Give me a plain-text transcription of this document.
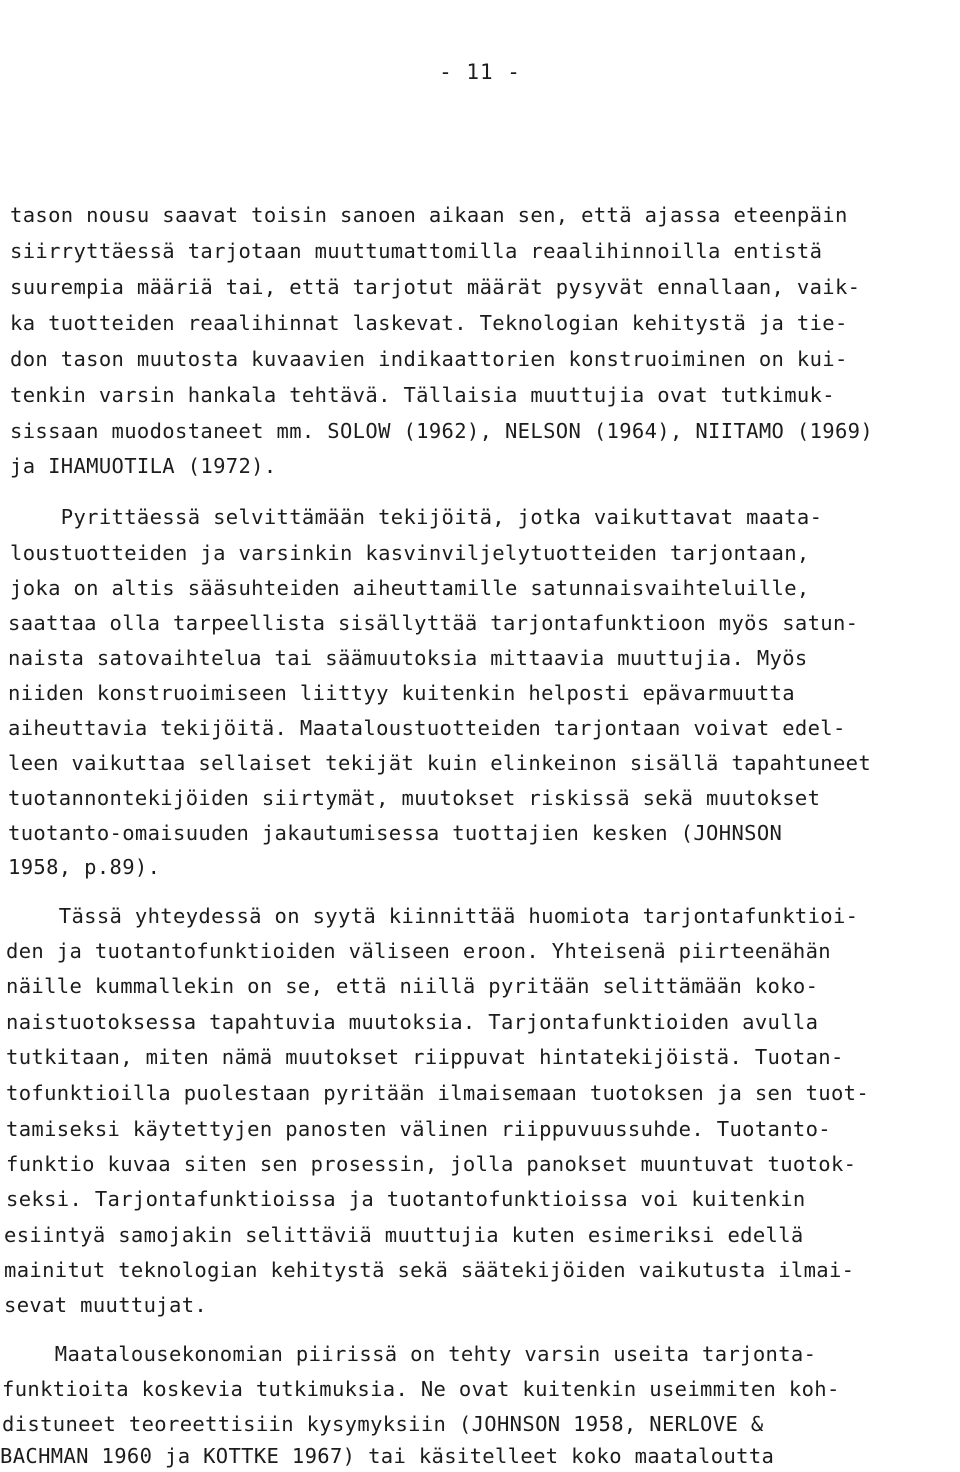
- 11 -
tason nousu saavat toisin sanoen aikaan sen, että ajassa eteenpäin
siirryttäessä tarjotaan muuttumattomilla reaalihinnoilla entistä
suurempia määriä tai, että tarjotut määrät pysyvät ennallaan, vaik-
ka tuotteiden reaalihinnat laskevat. Teknologian kehitystä ja tie-
don tason muutosta kuvaavien indikaattorien konstruoiminen on kui-
tenkin varsin hankala tehtävä. Tällaisia muuttujia ovat tutkimuk-
sissaan muodostaneet mm. SOLOW (1962), NELSON (1964), NIITAMO (1969)
ja IHAMUOTILA (1972).
Pyrittäessä selvittämään tekijöitä, jotka vaikuttavat maata-
loustuotteiden ja varsinkin kasvinviljelytuotteiden tarjontaan,
joka on altis sääsuhteiden aiheuttamille satunnaisvaihteluille,
saattaa olla tarpeellista sisällyttää tarjontafunktioon myös satun-
naista satovaihtelua tai säämuutoksia mittaavia muuttujia. Myös
niiden konstruoimiseen liittyy kuitenkin helposti epävarmuutta
aiheuttavia tekijöitä. Maataloustuotteiden tarjontaan voivat edel-
leen vaikuttaa sellaiset tekijät kuin elinkeinon sisällä tapahtuneet
tuotannontekijöiden siirtymät, muutokset riskissä sekä muutokset
tuotanto-omaisuuden jakautumisessa tuottajien kesken (JOHNSON
1958, p.89).
Tässä yhteydessä on syytä kiinnittää huomiota tarjontafunktioi-
den ja tuotantofunktioiden väliseen eroon. Yhteisenä piirteenähän
näille kummallekin on se, että niillä pyritään selittämään koko-
naistuotoksessa tapahtuvia muutoksia. Tarjontafunktioiden avulla
tutkitaan, miten nämä muutokset riippuvat hintatekijöistä. Tuotan-
tofunktioilla puolestaan pyritään ilmaisemaan tuotoksen ja sen tuot-
tamiseksi käytettyjen panosten välinen riippuvuussuhde. Tuotanto-
funktio kuvaa siten sen prosessin, jolla panokset muuntuvat tuotok-
seksi. Tarjontafunktioissa ja tuotantofunktioissa voi kuitenkin
esiintyä samojakin selittäviä muuttujia kuten esimeriksi edellä
mainitut teknologian kehitystä sekä säätekijöiden vaikutusta ilmai-
sevat muuttujat.
Maatalousekonomian piirissä on tehty varsin useita tarjonta-
funktioita koskevia tutkimuksia. Ne ovat kuitenkin useimmiten koh-
distuneet teoreettisiin kysymyksiin (JOHNSON 1958, NERLOVE &
BACHMAN 1960 ja KOTTKE 1967) tai käsitelleet koko maataloutta
